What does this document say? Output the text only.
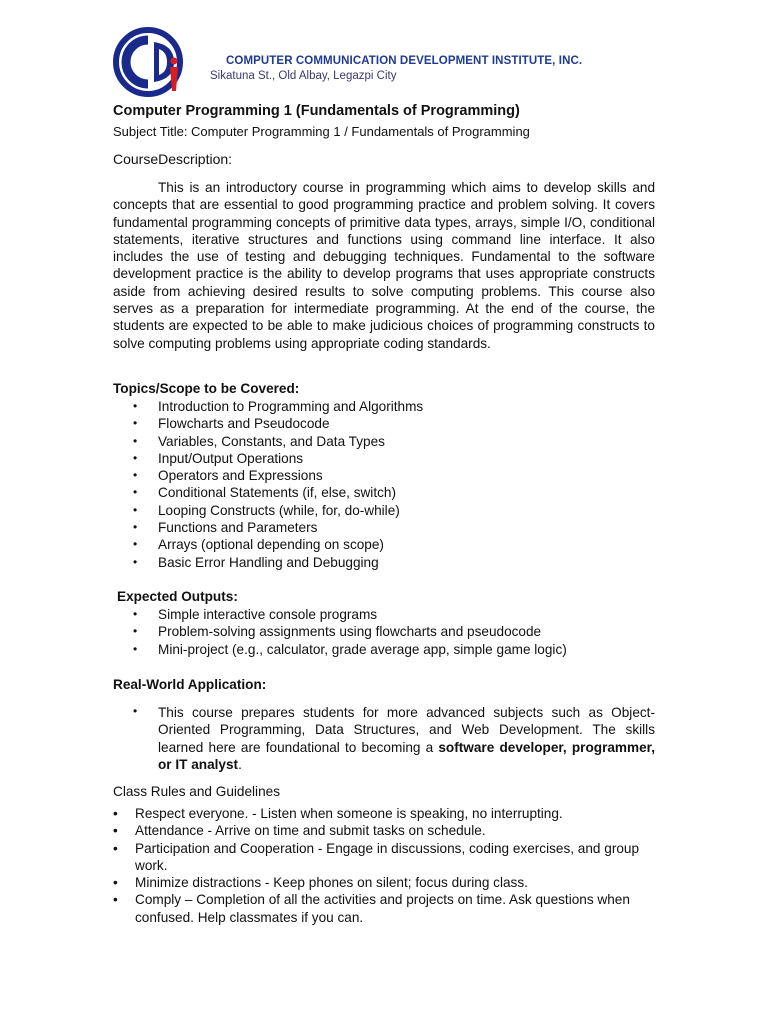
COMPUTER COMMUNICATION DEVELOPMENT INSTITUTE, INC.
Sikatuna St., Old Albay, Legazpi City
Computer Programming 1 (Fundamentals of Programming)
Subject Title: Computer Programming 1 / Fundamentals of Programming
CourseDescription:

This is an introductory course in programming which aims to develop skills and concepts that are essential to good programming practice and problem solving. It covers fundamental programming concepts of primitive data types, arrays, simple I/O, conditional statements, iterative structures and functions using command line interface. It also includes the use of testing and debugging techniques. Fundamental to the software development practice is the ability to develop programs that uses appropriate constructs aside from achieving desired results to solve computing problems. This course also serves as a preparation for intermediate programming. At the end of the course, the students are expected to be able to make judicious choices of programming constructs to solve computing problems using appropriate coding standards.

Topics/Scope to be Covered:
• Introduction to Programming and Algorithms
• Flowcharts and Pseudocode
• Variables, Constants, and Data Types
• Input/Output Operations
• Operators and Expressions
• Conditional Statements (if, else, switch)
• Looping Constructs (while, for, do-while)
• Functions and Parameters
• Arrays (optional depending on scope)
• Basic Error Handling and Debugging
Expected Outputs:
• Simple interactive console programs
• Problem-solving assignments using flowcharts and pseudocode
• Mini-project (e.g., calculator, grade average app, simple game logic)
Real-World Application:
• This course prepares students for more advanced subjects such as Object-Oriented Programming, Data Structures, and Web Development. The skills learned here are foundational to becoming a software developer, programmer, or IT analyst.

Class Rules and Guidelines
• Respect everyone. - Listen when someone is speaking, no interrupting.
• Attendance - Arrive on time and submit tasks on schedule.
• Participation and Cooperation - Engage in discussions, coding exercises, and group work.
• Minimize distractions - Keep phones on silent; focus during class.
• Comply – Completion of all the activities and projects on time. Ask questions when confused. Help classmates if you can.
